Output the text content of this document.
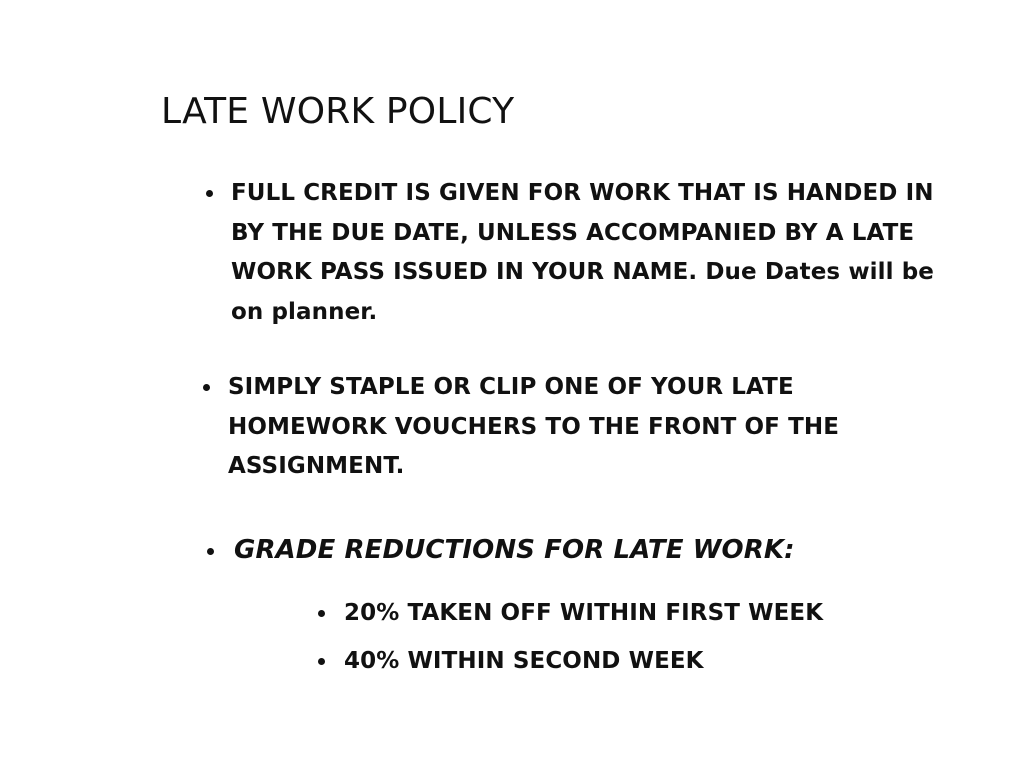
LATE WORK POLICY

FULL CREDIT IS GIVEN FOR WORK THAT IS HANDED IN BY THE DUE DATE, UNLESS ACCOMPANIED BY A LATE WORK PASS ISSUED IN YOUR NAME. Due Dates will be on planner.

SIMPLY STAPLE OR CLIP ONE OF YOUR LATE HOMEWORK VOUCHERS TO THE FRONT OF THE ASSIGNMENT.

GRADE REDUCTIONS FOR LATE WORK:

20% TAKEN OFF WITHIN FIRST WEEK

40% WITHIN SECOND WEEK
